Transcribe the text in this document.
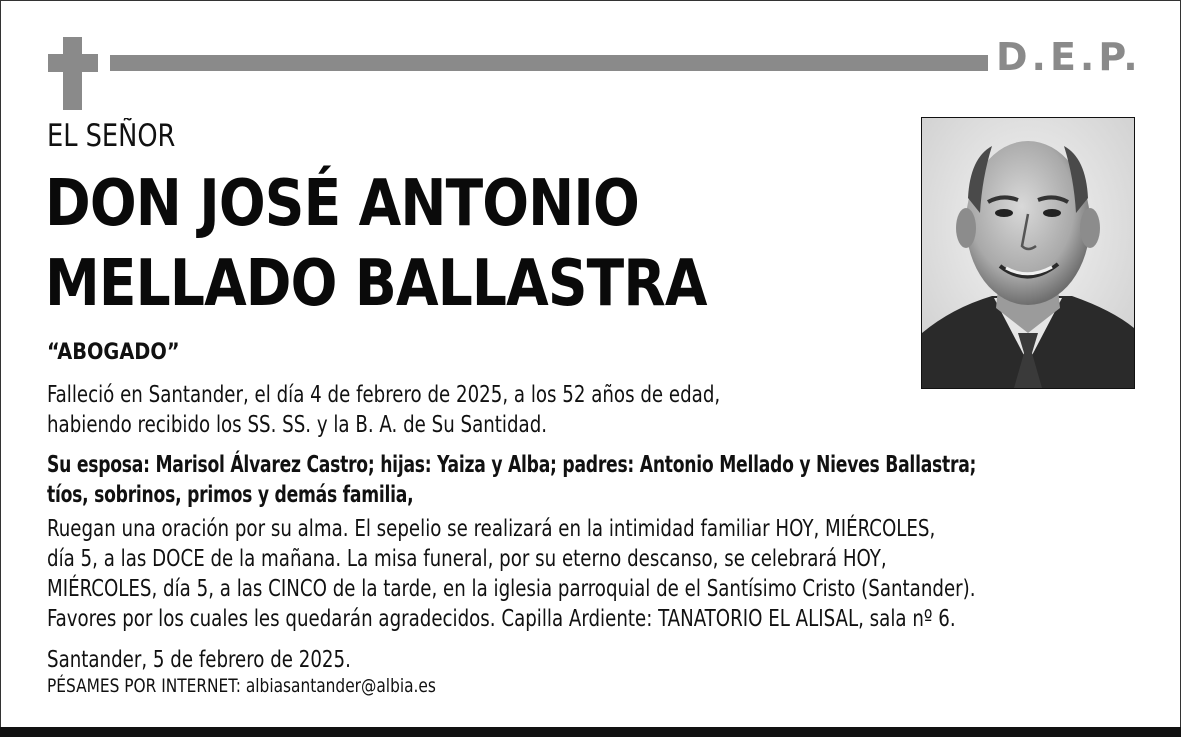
D.E.P.
EL SEÑOR
DON JOSÉ ANTONIO
MELLADO BALLASTRA
“ABOGADO”
Falleció en Santander, el día 4 de febrero de 2025, a los 52 años de edad,
habiendo recibido los SS. SS. y la B. A. de Su Santidad.
Su esposa: Marisol Álvarez Castro; hijas: Yaiza y Alba; padres: Antonio Mellado y Nieves Ballastra;
tíos, sobrinos, primos y demás familia,
Ruegan una oración por su alma. El sepelio se realizará en la intimidad familiar HOY, MIÉRCOLES,
día 5, a las DOCE de la mañana. La misa funeral, por su eterno descanso, se celebrará HOY,
MIÉRCOLES, día 5, a las CINCO de la tarde, en la iglesia parroquial de el Santísimo Cristo (Santander).
Favores por los cuales les quedarán agradecidos. Capilla Ardiente: TANATORIO EL ALISAL, sala nº 6.
Santander, 5 de febrero de 2025.
PÉSAMES POR INTERNET: albiasantander@albia.es
